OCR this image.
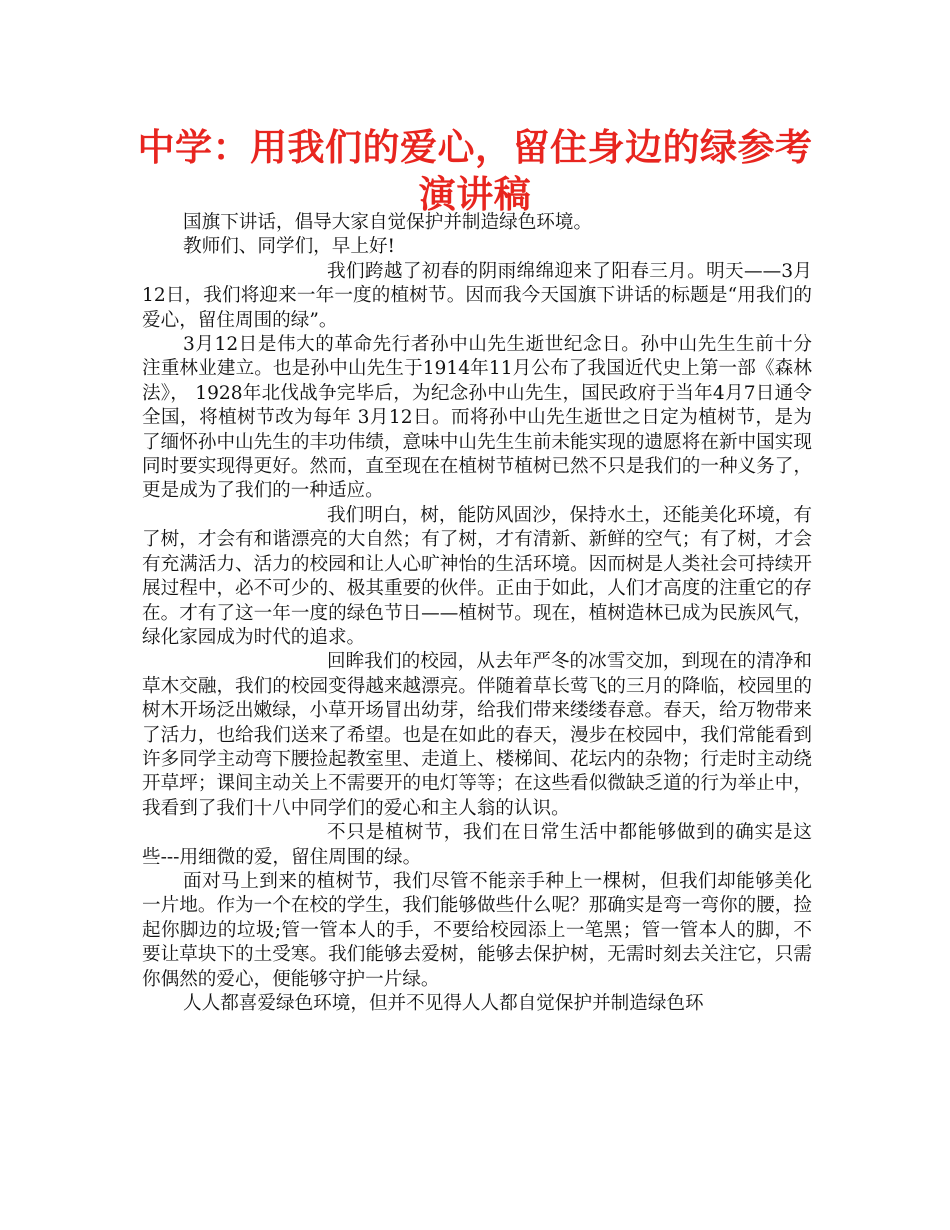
中学：用我们的爱心，留住身边的绿参考
演讲稿

国旗下讲话，倡导大家自觉保护并制造绿色环境。

教师们、同学们，早上好!

我们跨越了初春的阴雨绵绵迎来了阳春三月。明天——3月12日，我们将迎来一年一度的植树节。因而我今天国旗下讲话的标题是“用我们的爱心，留住周围的绿”。

3月12日是伟大的革命先行者孙中山先生逝世纪念日。孙中山先生生前十分注重林业建立。也是孙中山先生于1914年11月公布了我国近代史上第一部《森林法》， 1928年北伐战争完毕后，为纪念孙中山先生，国民政府于当年4月7日通令全国，将植树节改为每年 3月12日。而将孙中山先生逝世之日定为植树节，是为了缅怀孙中山先生的丰功伟绩，意味中山先生生前未能实现的遗愿将在新中国实现同时要实现得更好。然而，直至现在在植树节植树已然不只是我们的一种义务了，更是成为了我们的一种适应。

我们明白，树，能防风固沙，保持水土，还能美化环境，有了树，才会有和谐漂亮的大自然；有了树，才有清新、新鲜的空气；有了树，才会有充满活力、活力的校园和让人心旷神怡的生活环境。因而树是人类社会可持续开展过程中，必不可少的、极其重要的伙伴。正由于如此，人们才高度的注重它的存在。才有了这一年一度的绿色节日——植树节。现在，植树造林已成为民族风气，绿化家园成为时代的追求。

回眸我们的校园，从去年严冬的冰雪交加，到现在的清净和草木交融，我们的校园变得越来越漂亮。伴随着草长莺飞的三月的降临，校园里的树木开场泛出嫩绿，小草开场冒出幼芽，给我们带来缕缕春意。春天，给万物带来了活力，也给我们送来了希望。也是在如此的春天，漫步在校园中，我们常能看到许多同学主动弯下腰捡起教室里、走道上、楼梯间、花坛内的杂物；行走时主动绕开草坪；课间主动关上不需要开的电灯等等；在这些看似微缺乏道的行为举止中，我看到了我们十八中同学们的爱心和主人翁的认识。

不只是植树节，我们在日常生活中都能够做到的确实是这些---用细微的爱，留住周围的绿。

面对马上到来的植树节，我们尽管不能亲手种上一棵树，但我们却能够美化一片地。作为一个在校的学生，我们能够做些什么呢？那确实是弯一弯你的腰，捡起你脚边的垃圾;管一管本人的手，不要给校园添上一笔黑；管一管本人的脚，不要让草块下的土受寒。我们能够去爱树，能够去保护树，无需时刻去关注它，只需你偶然的爱心，便能够守护一片绿。

人人都喜爱绿色环境，但并不见得人人都自觉保护并制造绿色环
